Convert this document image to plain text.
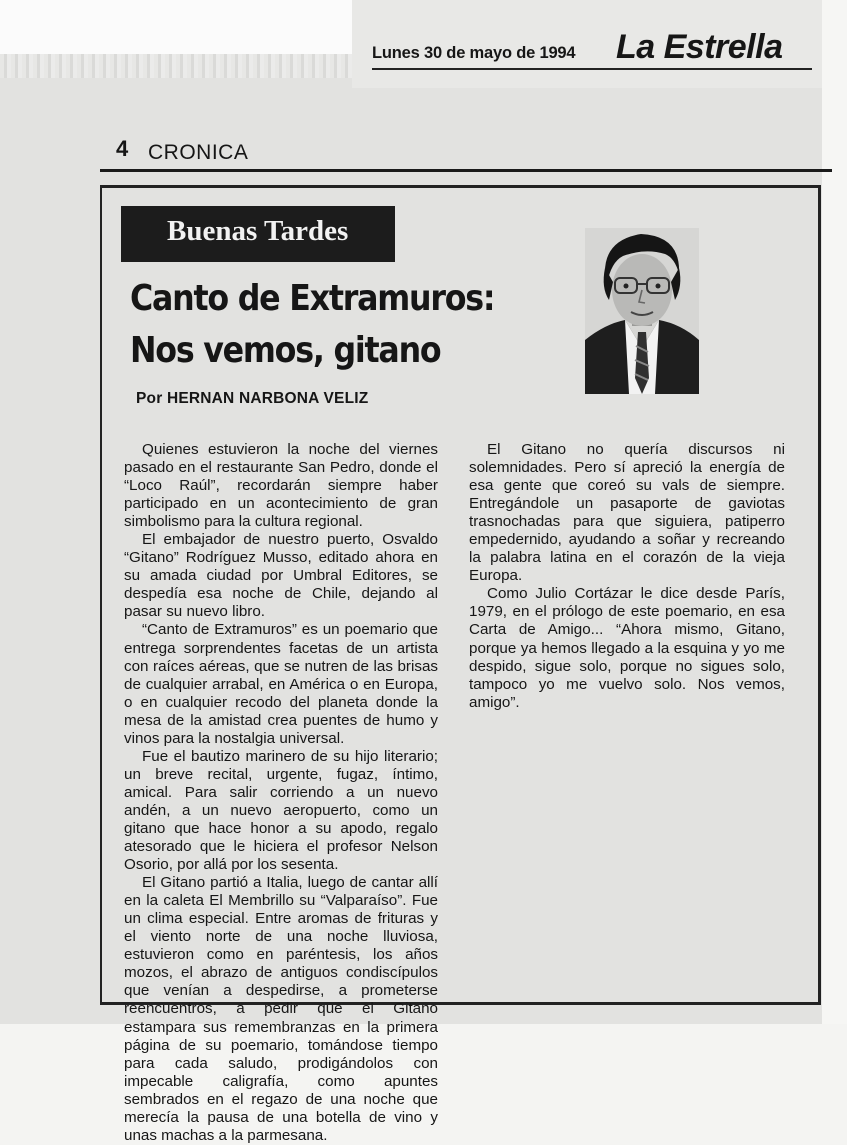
Lunes 30 de mayo de 1994 La Estrella
4 CRONICA
Buenas Tardes
Canto de Extramuros:
Nos vemos, gitano
Por HERNAN NARBONA VELIZ

Quienes estuvieron la noche del viernes pasado en el restaurante San Pedro, donde el “Loco Raúl”, recordarán siempre haber participado en un acontecimiento de gran simbolismo para la cultura regional.

El embajador de nuestro puerto, Osvaldo “Gitano” Rodríguez Musso, editado ahora en su amada ciudad por Umbral Editores, se despedía esa noche de Chile, dejando al pasar su nuevo libro.

“Canto de Extramuros” es un poemario que entrega sorprendentes facetas de un artista con raíces aéreas, que se nutren de las brisas de cualquier arrabal, en América o en Europa, o en cualquier recodo del planeta donde la mesa de la amistad crea puentes de humo y vinos para la nostalgia universal.

Fue el bautizo marinero de su hijo literario; un breve recital, urgente, fugaz, íntimo, amical. Para salir corriendo a un nuevo andén, a un nuevo aeropuerto, como un gitano que hace honor a su apodo, regalo atesorado que le hiciera el profesor Nelson Osorio, por allá por los sesenta.

El Gitano partió a Italia, luego de cantar allí en la caleta El Membrillo su “Valparaíso”. Fue un clima especial. Entre aromas de frituras y el viento norte de una noche lluviosa, estuvieron como en paréntesis, los años mozos, el abrazo de antiguos condiscípulos que venían a despedirse, a prometerse reencuentros, a pedir que el Gitano estampara sus remembranzas en la primera página de su poemario, tomándose tiempo para cada saludo, prodigándolos con impecable caligrafía, como apuntes sembrados en el regazo de una noche que merecía la pausa de una botella de vino y unas machas a la parmesana.

El Gitano no quería discursos ni solemnidades. Pero sí apreció la energía de esa gente que coreó su vals de siempre. Entregándole un pasaporte de gaviotas trasnochadas para que siguiera, patiperro empedernido, ayudando a soñar y recreando la palabra latina en el corazón de la vieja Europa.

Como Julio Cortázar le dice desde París, 1979, en el prólogo de este poemario, en esa Carta de Amigo... “Ahora mismo, Gitano, porque ya hemos llegado a la esquina y yo me despido, sigue solo, porque no sigues solo, tampoco yo me vuelvo solo. Nos vemos, amigo”.
